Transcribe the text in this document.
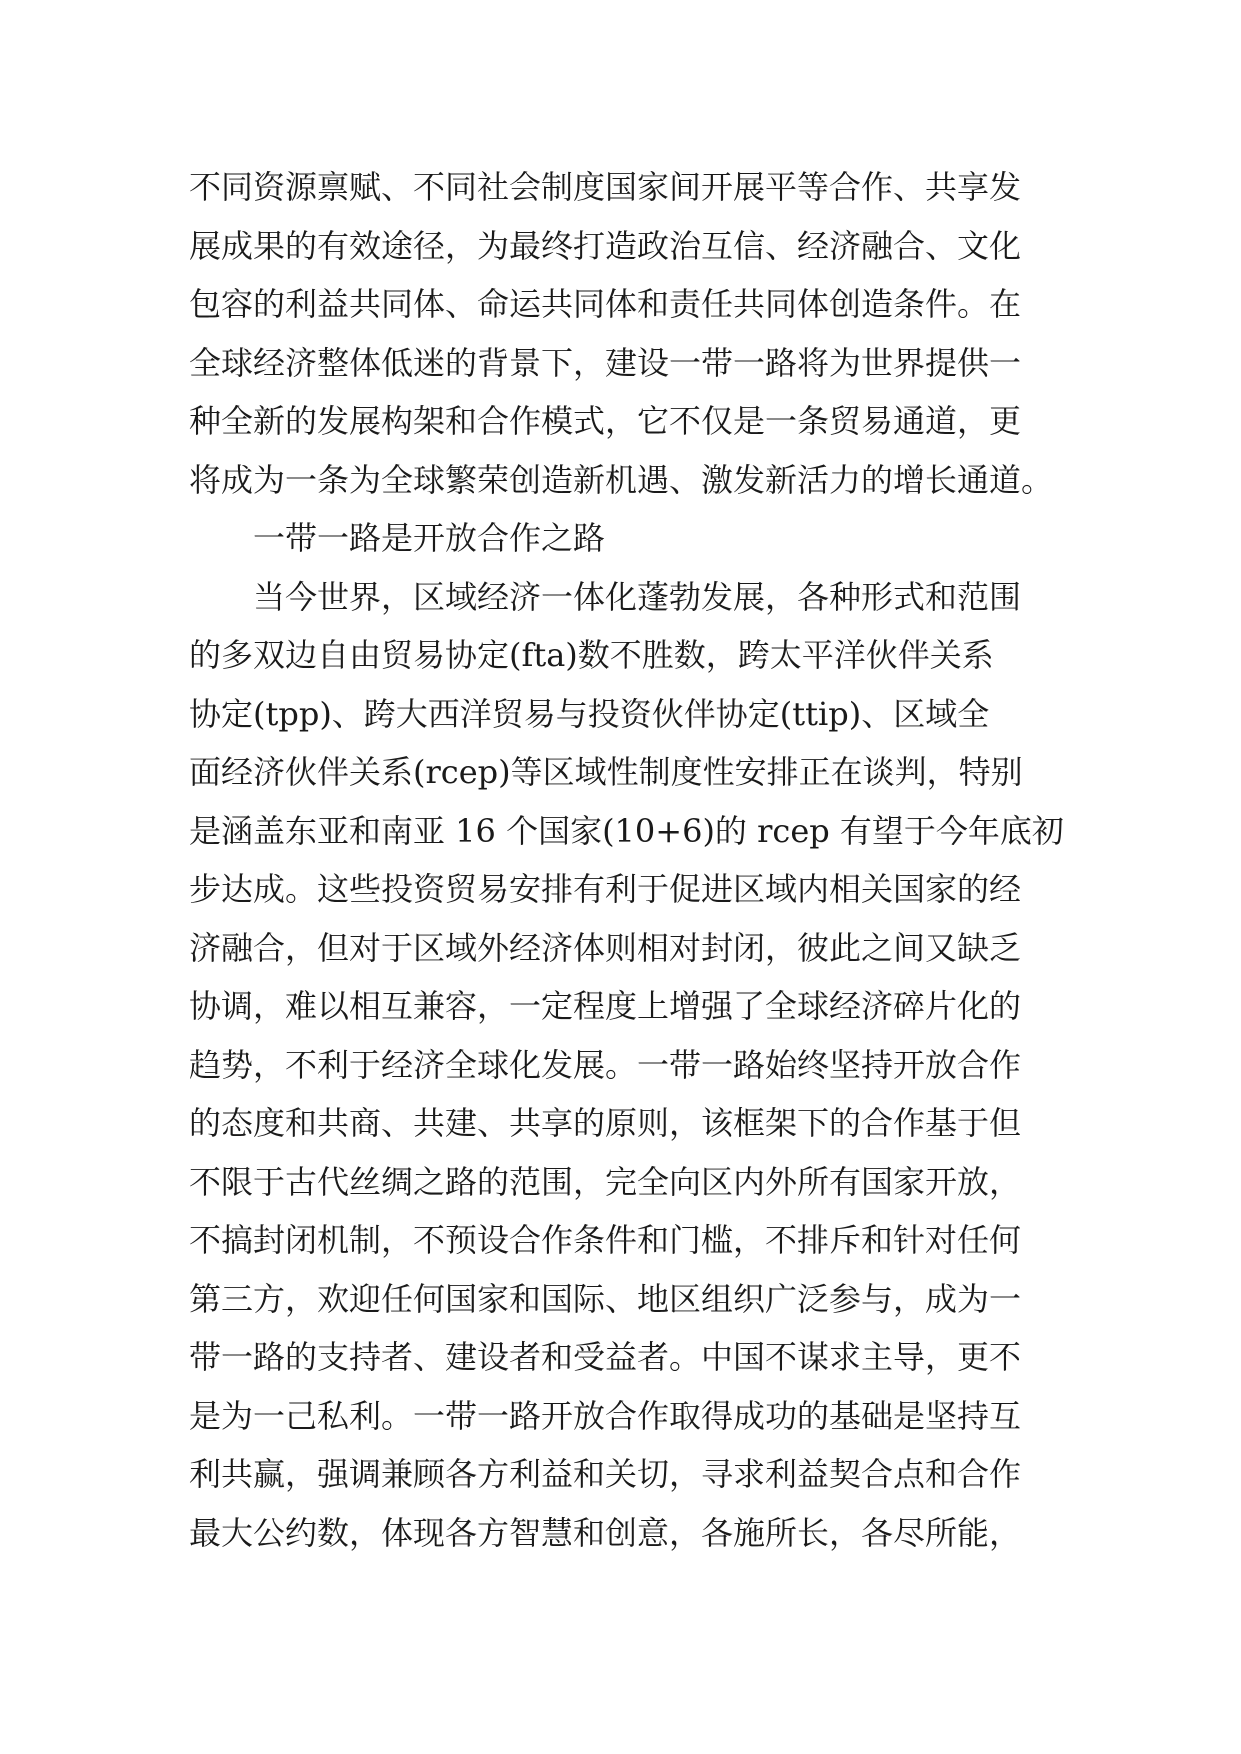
不同资源禀赋、不同社会制度国家间开展平等合作、共享发
展成果的有效途径，为最终打造政治互信、经济融合、文化
包容的利益共同体、命运共同体和责任共同体创造条件。在
全球经济整体低迷的背景下，建设一带一路将为世界提供一
种全新的发展构架和合作模式，它不仅是一条贸易通道，更
将成为一条为全球繁荣创造新机遇、激发新活力的增长通道。
一带一路是开放合作之路
当今世界，区域经济一体化蓬勃发展，各种形式和范围
的多双边自由贸易协定(fta)数不胜数，跨太平洋伙伴关系
协定(tpp)、跨大西洋贸易与投资伙伴协定(ttip)、区域全
面经济伙伴关系(rcep)等区域性制度性安排正在谈判，特别
是涵盖东亚和南亚 16 个国家(10+6)的 rcep 有望于今年底初
步达成。这些投资贸易安排有利于促进区域内相关国家的经
济融合，但对于区域外经济体则相对封闭，彼此之间又缺乏
协调，难以相互兼容，一定程度上增强了全球经济碎片化的
趋势，不利于经济全球化发展。一带一路始终坚持开放合作
的态度和共商、共建、共享的原则，该框架下的合作基于但
不限于古代丝绸之路的范围，完全向区内外所有国家开放，
不搞封闭机制，不预设合作条件和门槛，不排斥和针对任何
第三方，欢迎任何国家和国际、地区组织广泛参与，成为一
带一路的支持者、建设者和受益者。中国不谋求主导，更不
是为一己私利。一带一路开放合作取得成功的基础是坚持互
利共赢，强调兼顾各方利益和关切，寻求利益契合点和合作
最大公约数，体现各方智慧和创意，各施所长，各尽所能，
